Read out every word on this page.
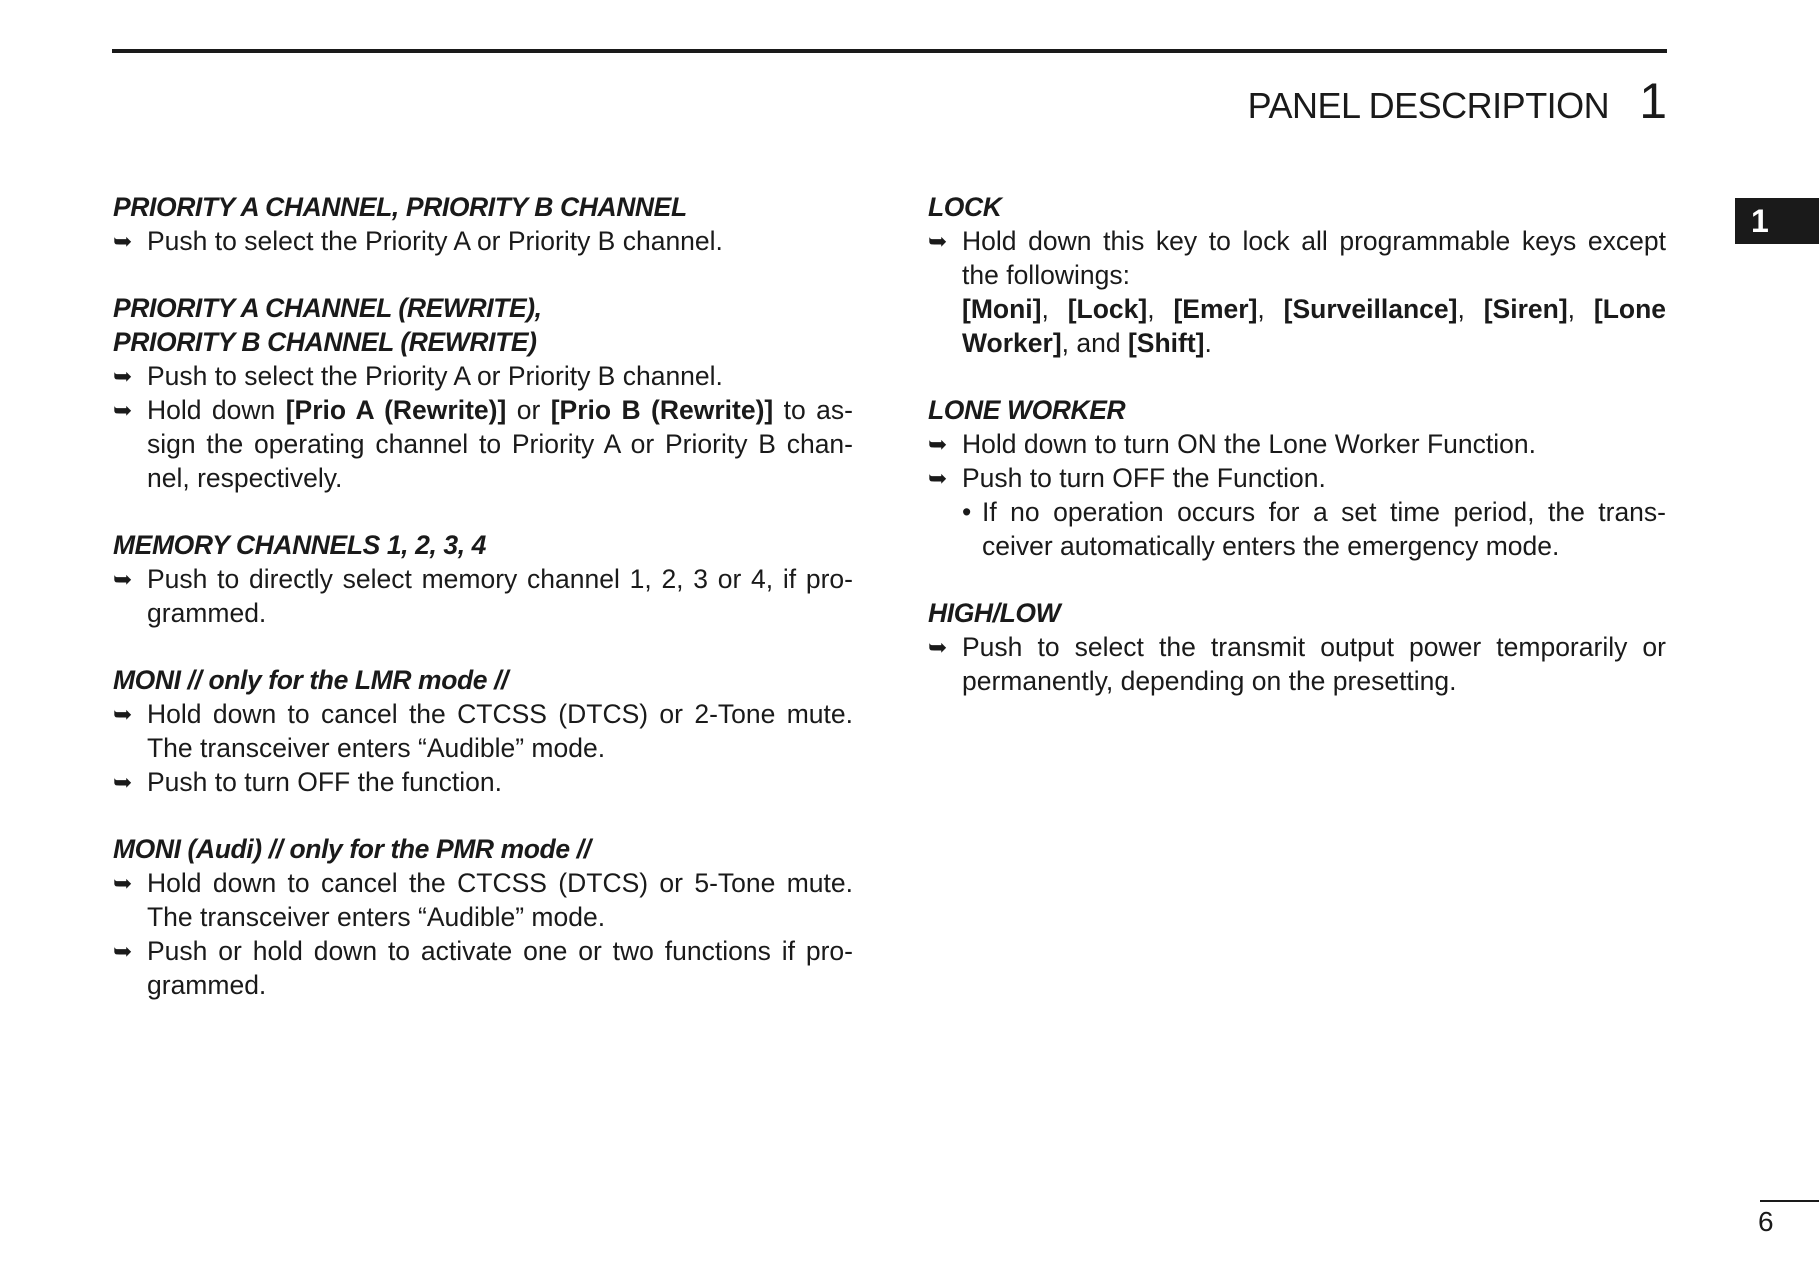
PANEL DESCRIPTION 1
1
PRIORITY A CHANNEL, PRIORITY B CHANNEL
➥ Push to select the Priority A or Priority B channel.
PRIORITY A CHANNEL (REWRITE),
PRIORITY B CHANNEL (REWRITE)
➥ Push to select the Priority A or Priority B channel.
➥ Hold down [Prio A (Rewrite)] or [Prio B (Rewrite)] to as-sign the operating channel to Priority A or Priority B chan-nel, respectively.
MEMORY CHANNELS 1, 2, 3, 4
➥ Push to directly select memory channel 1, 2, 3 or 4, if pro-grammed.
MONI // only for the LMR mode //
➥ Hold down to cancel the CTCSS (DTCS) or 2-Tone mute. The transceiver enters “Audible” mode.
➥ Push to turn OFF the function.
MONI (Audi) // only for the PMR mode //
➥ Hold down to cancel the CTCSS (DTCS) or 5-Tone mute. The transceiver enters “Audible” mode.
➥ Push or hold down to activate one or two functions if pro-grammed.
LOCK
➥ Hold down this key to lock all programmable keys except the followings:
[Moni], [Lock], [Emer], [Surveillance], [Siren], [Lone Worker], and [Shift].
LONE WORKER
➥ Hold down to turn ON the Lone Worker Function.
➥ Push to turn OFF the Function.
• If no operation occurs for a set time period, the trans-ceiver automatically enters the emergency mode.
HIGH/LOW
➥ Push to select the transmit output power temporarily or permanently, depending on the presetting.
6
